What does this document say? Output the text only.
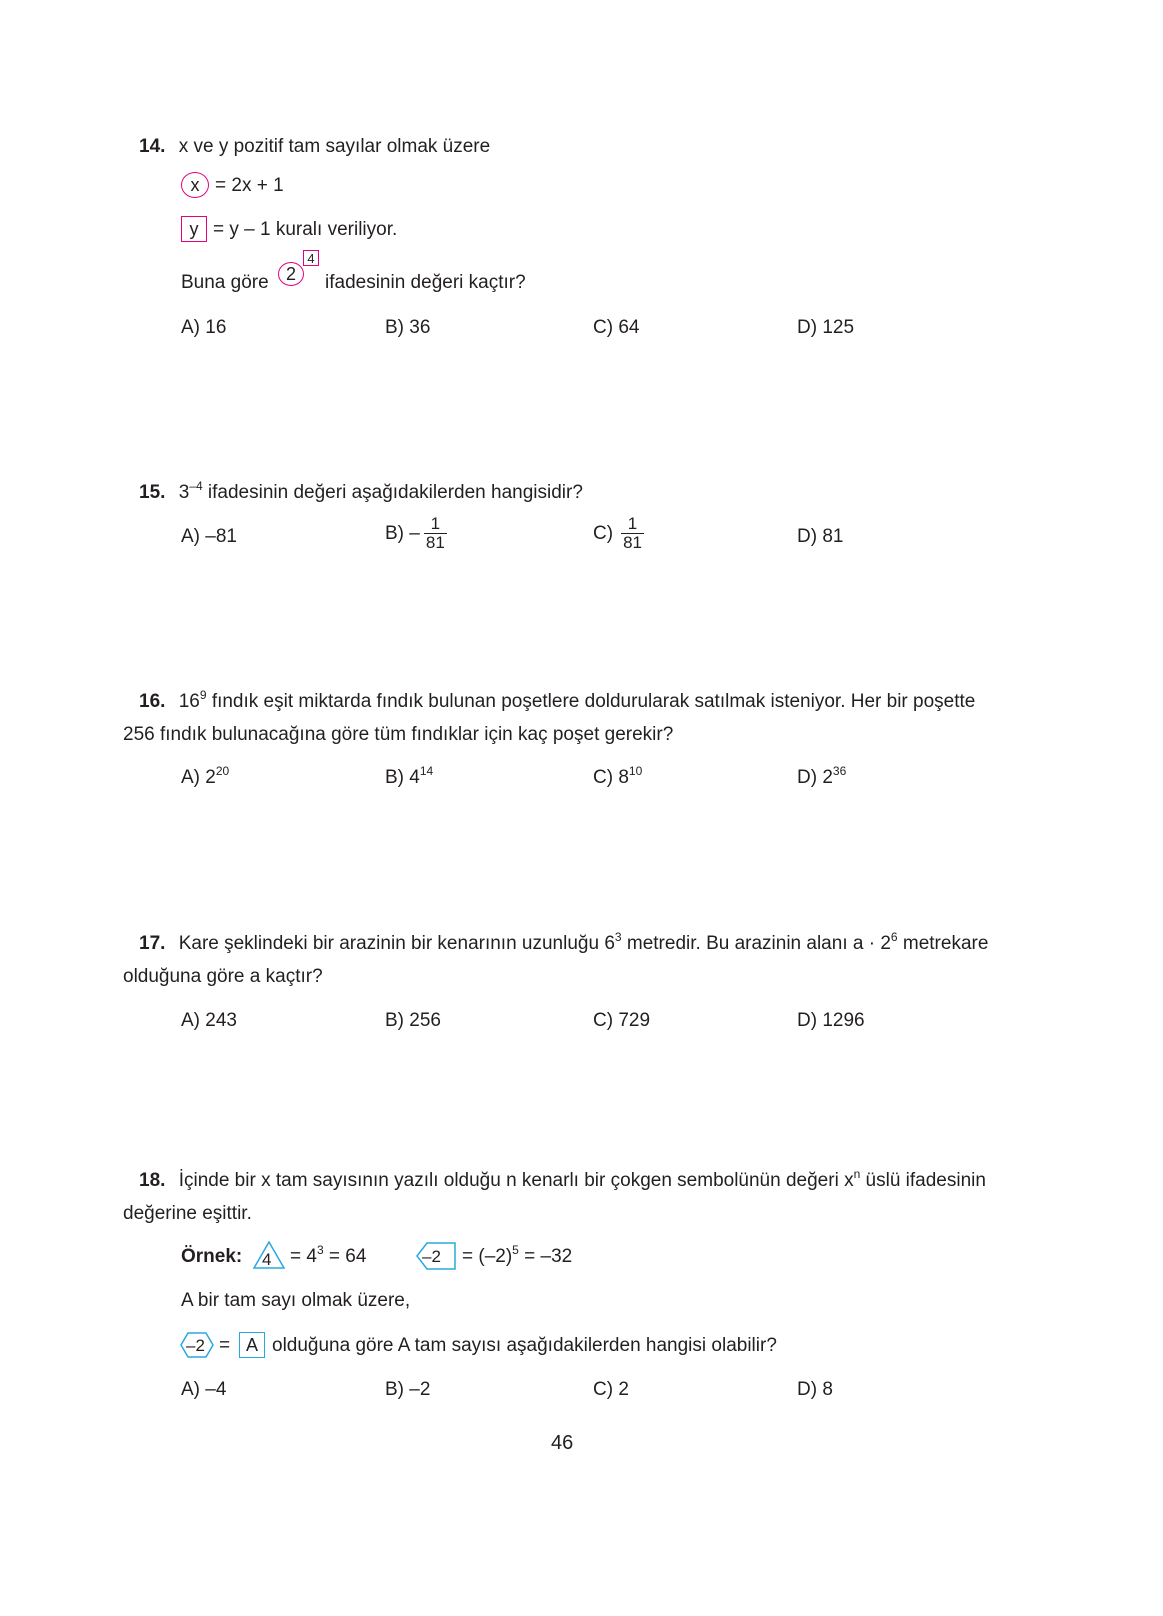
14. x ve y pozitif tam sayılar olmak üzere
x = 2x + 1
y = y – 1 kuralı veriliyor.
Buna göre 2
4
ifadesinin değeri kaçtır?
A) 16	B) 36	C) 64	D) 125
15. $3^{-4}$ ifadesinin değeri aşağıdakilerden hangisidir?
A) –81	$B) - \frac{1}{81}$	$C) \frac{1}{81}$	D) 81
16. $16^9$ fındık eşit miktarda fındık bulunan poşetlere doldurularak satılmak isteniyor. Her bir poşette
256 fındık bulunacağına göre tüm fındıklar için kaç poşet gerekir?
A) $2^{20}$	B) $4^{14}$	C) $8^{10}$	D) $2^{36}$
17. Kare şeklindeki bir arazinin bir kenarının uzunluğu $6^3$ metredir. Bu arazinin alanı $a \cdot 2^6$ metrekare
olduğuna göre a kaçtır?
A) 243	B) 256	C) 729	D) 1296
18. İçinde bir x tam sayısının yazılı olduğu n kenarlı bir çokgen sembolünün değeri $x^n$ üslü ifadesinin
değerine eşittir.
Örnek: $4 = 4^3 = 64$	$-2 = (-2)^5 = -32$
A bir tam sayı olmak üzere,
–2 = A olduğuna göre A tam sayısı aşağıdakilerden hangisi olabilir?
A) –4	B) –2	C) 2	D) 8
46
